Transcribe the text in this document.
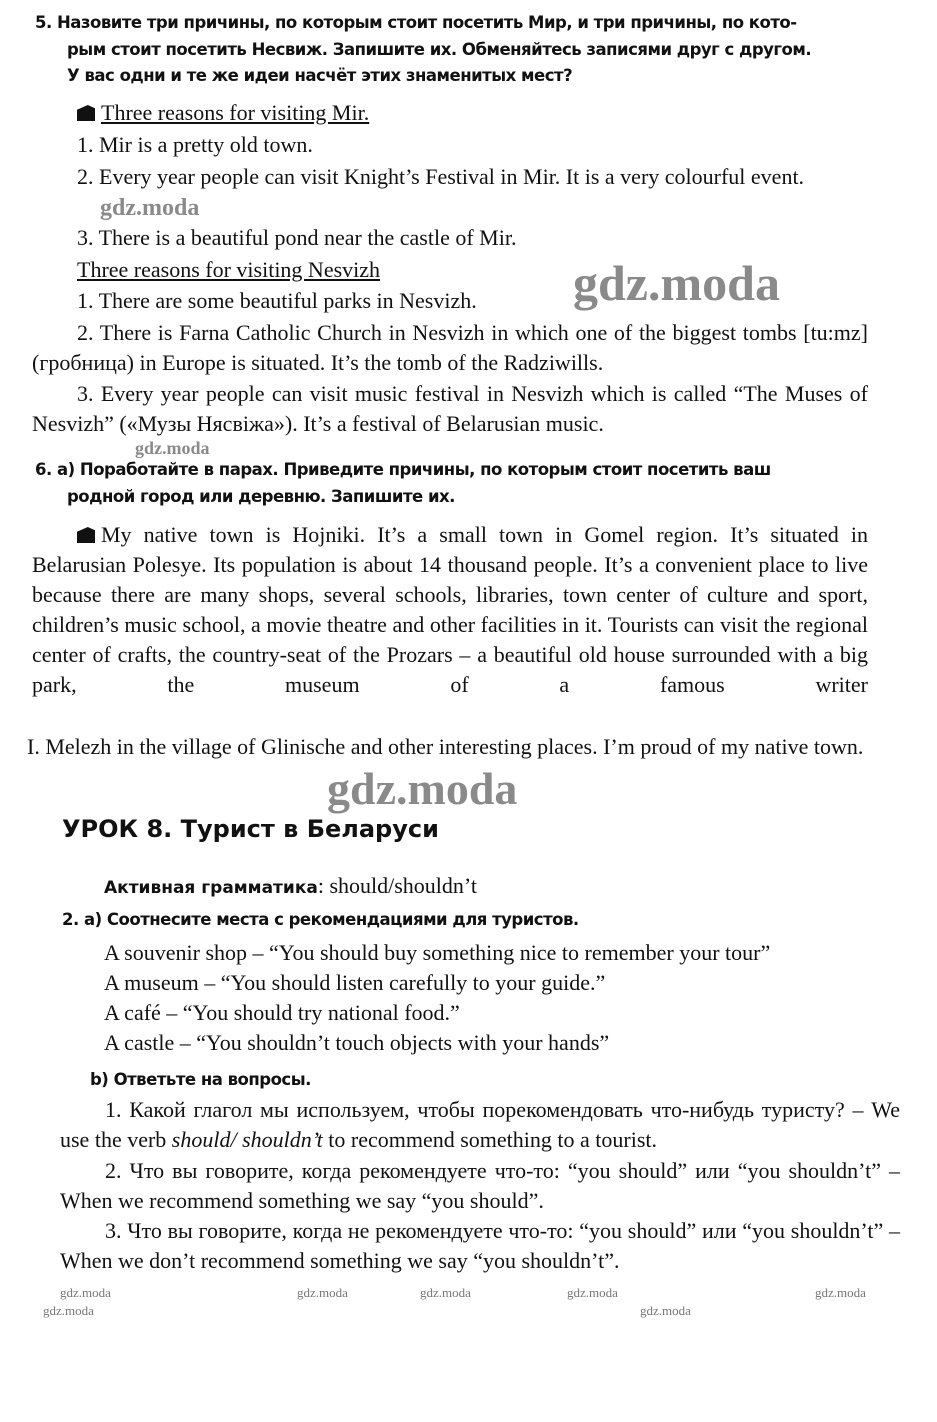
5. Назовите три причины, по которым стоит посетить Мир, и три причины, по кото-
рым стоит посетить Несвиж. Запишите их. Обменяйтесь записями друг с другом.
У вас одни и те же идеи насчёт этих знаменитых мест?
Three reasons for visiting Mir.
1. Mir is a pretty old town.
2. Every year people can visit Knight’s Festival in Mir. It is a very colourful event.
3. There is a beautiful pond near the castle of Mir.
Three reasons for visiting Nesvizh
1. There are some beautiful parks in Nesvizh.
2. There is Farna Catholic Church in Nesvizh in which one of the biggest tombs [tu:mz] (гробница) in Europe is situated. It’s the tomb of the Radziwills.
3. Every year people can visit music festival in Nesvizh which is called “The Muses of Nesvizh” («Музы Нясвіжа»). It’s a festival of Belarusian music.
6. а) Поработайте в парах. Приведите причины, по которым стоит посетить ваш
родной город или деревню. Запишите их.
My native town is Hojniki. It’s a small town in Gomel region. It’s situated in Belarusian Polesye. Its population is about 14 thousand people. It’s a convenient place to live because there are many shops, several schools, libraries, town center of culture and sport, children’s music school, a movie theatre and other facilities in it. Tourists can visit the regional center of crafts, the country-seat of the Prozars – a beautiful old house surrounded with a big park, the museum of a famous writer
I. Melezh in the village of Glinische and other interesting places. I’m proud of my native town.
УРОК 8. Турист в Беларуси
Активная грамматика: should/shouldn’t
2. а) Соотнесите места с рекомендациями для туристов.
A souvenir shop – “You should buy something nice to remember your tour”
A museum – “You should listen carefully to your guide.”
A café – “You should try national food.”
A castle – “You shouldn’t touch objects with your hands”
b) Ответьте на вопросы.
1. Какой глагол мы используем, чтобы порекомендовать что-нибудь туристу? – We use the verb should/ shouldn’t to recommend something to a tourist.
2. Что вы говорите, когда рекомендуете что-то: “you should” или “you shouldn’t” – When we recommend something we say “you should”.
3. Что вы говорите, когда не рекомендуете что-то: “you should” или “you shouldn’t” – When we don’t recommend something we say “you shouldn’t”.
gdz.moda
gdz.moda
gdz.moda
gdz.moda
gdz.moda	gdz.moda
gdz.moda	gdz.moda	gdz.moda
gdz.moda	gdz.moda
